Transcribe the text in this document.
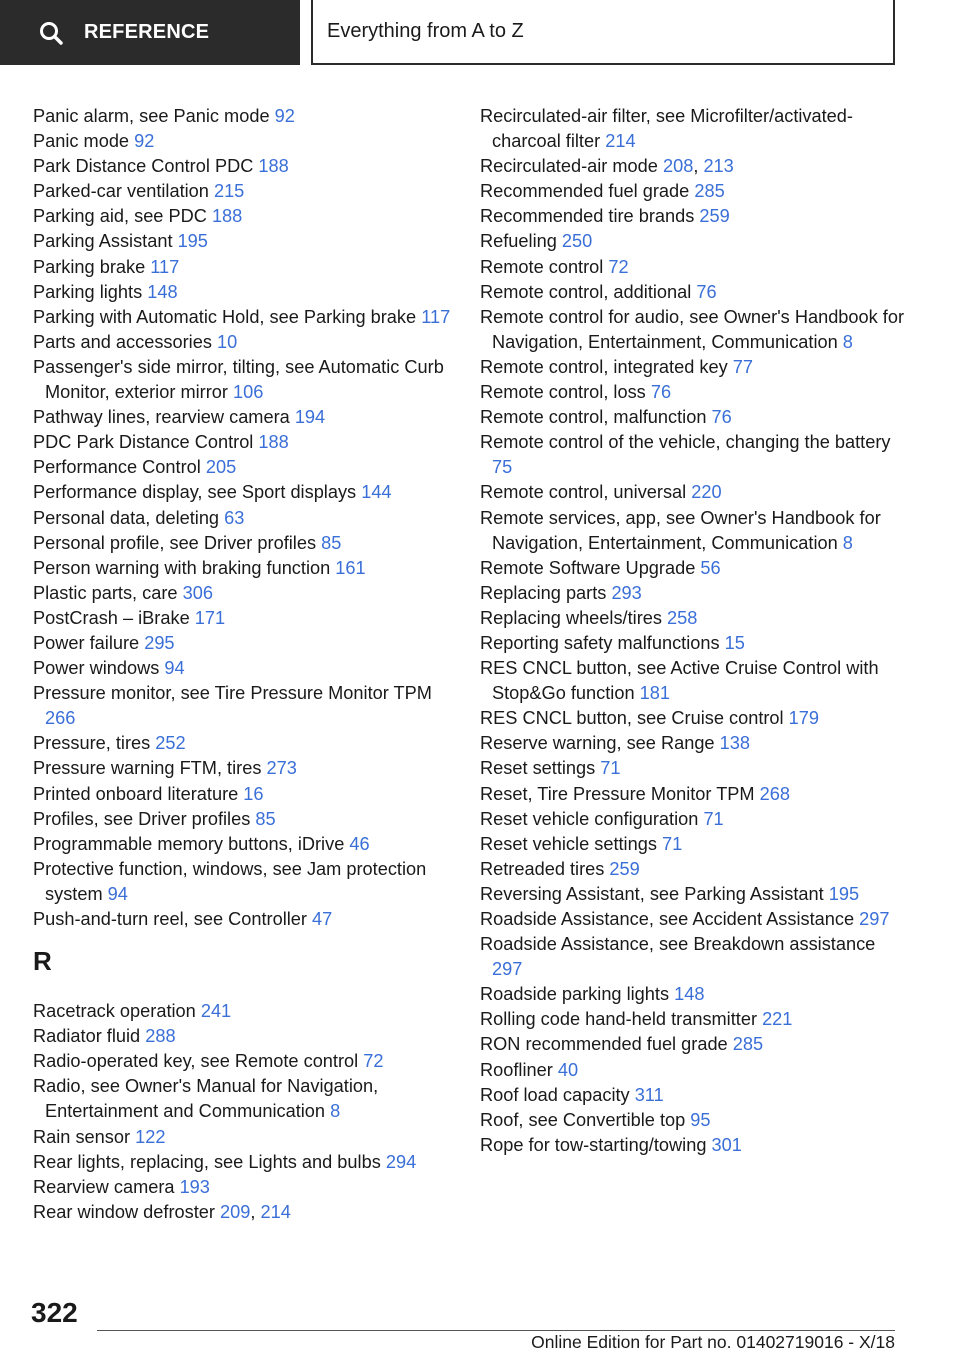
REFERENCE	Everything from A to Z
Panic alarm, see Panic mode 92
Panic mode 92
Park Distance Control PDC 188
Parked-car ventilation 215
Parking aid, see PDC 188
Parking Assistant 195
Parking brake 117
Parking lights 148
Parking with Automatic Hold, see Parking brake 117
Parts and accessories 10
Passenger's side mirror, tilting, see Automatic Curb Monitor, exterior mirror 106
Pathway lines, rearview camera 194
PDC Park Distance Control 188
Performance Control 205
Performance display, see Sport displays 144
Personal data, deleting 63
Personal profile, see Driver profiles 85
Person warning with braking function 161
Plastic parts, care 306
PostCrash – iBrake 171
Power failure 295
Power windows 94
Pressure monitor, see Tire Pressure Monitor TPM 266
Pressure, tires 252
Pressure warning FTM, tires 273
Printed onboard literature 16
Profiles, see Driver profiles 85
Programmable memory buttons, iDrive 46
Protective function, windows, see Jam protection system 94
Push-and-turn reel, see Controller 47
R
Racetrack operation 241
Radiator fluid 288
Radio-operated key, see Remote control 72
Radio, see Owner's Manual for Navigation, Entertainment and Communication 8
Rain sensor 122
Rear lights, replacing, see Lights and bulbs 294
Rearview camera 193
Rear window defroster 209, 214
Recirculated-air filter, see Microfilter/activated-charcoal filter 214
Recirculated-air mode 208, 213
Recommended fuel grade 285
Recommended tire brands 259
Refueling 250
Remote control 72
Remote control, additional 76
Remote control for audio, see Owner's Handbook for Navigation, Entertainment, Communication 8
Remote control, integrated key 77
Remote control, loss 76
Remote control, malfunction 76
Remote control of the vehicle, changing the battery 75
Remote control, universal 220
Remote services, app, see Owner's Handbook for Navigation, Entertainment, Communication 8
Remote Software Upgrade 56
Replacing parts 293
Replacing wheels/tires 258
Reporting safety malfunctions 15
RES CNCL button, see Active Cruise Control with Stop&Go function 181
RES CNCL button, see Cruise control 179
Reserve warning, see Range 138
Reset settings 71
Reset, Tire Pressure Monitor TPM 268
Reset vehicle configuration 71
Reset vehicle settings 71
Retreaded tires 259
Reversing Assistant, see Parking Assistant 195
Roadside Assistance, see Accident Assistance 297
Roadside Assistance, see Breakdown assistance 297
Roadside parking lights 148
Rolling code hand-held transmitter 221
RON recommended fuel grade 285
Roofliner 40
Roof load capacity 311
Roof, see Convertible top 95
Rope for tow-starting/towing 301
322
Online Edition for Part no. 01402719016 - X/18
